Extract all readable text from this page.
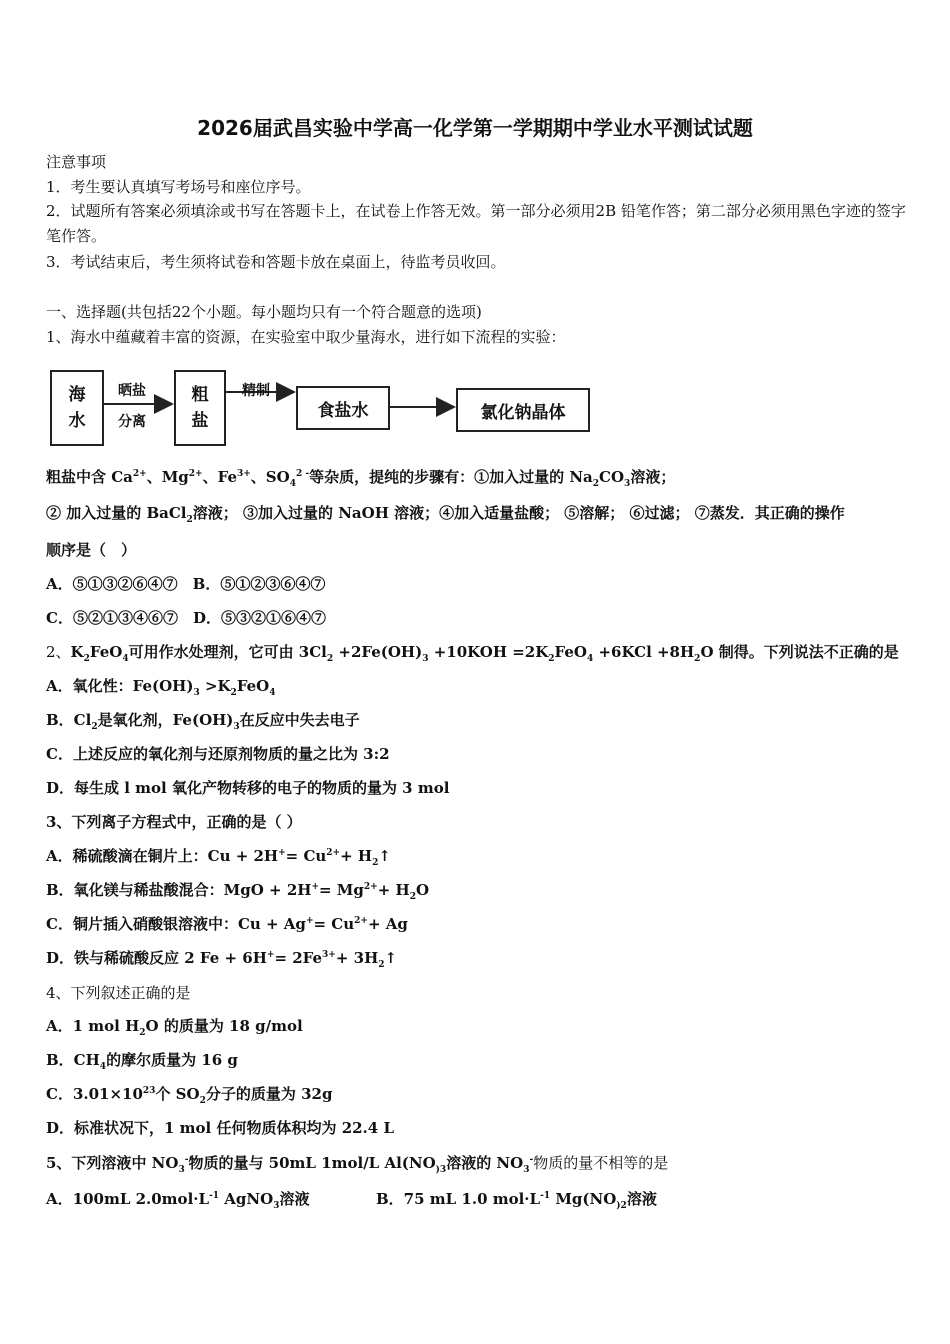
2026届武昌实验中学高一化学第一学期期中学业水平测试试题
注意事项
1．考生要认真填写考场号和座位序号。
2．试题所有答案必须填涂或书写在答题卡上，在试卷上作答无效。第一部分必须用2B 铅笔作答；第二部分必须用黑色字迹的签字笔作答。
3．考试结束后，考生须将试卷和答题卡放在桌面上，待监考员收回。
一、选择题(共包括22个小题。每小题均只有一个符合题意的选项)
1、海水中蕴藏着丰富的资源，在实验室中取少量海水，进行如下流程的实验：
海水
晒盐
分离
粗盐
精制
食盐水	氯化钠晶体
粗盐中含 $Ca^{2+}$、$Mg^{2+}$、$Fe^{3+}$、$SO_4^{2 -}$等杂质，提纯的步骤有：①加入过量的 $Na_2CO_3$溶液；
② 加入过量的 BaCl$_2$溶液； ③加入过量的 NaOH 溶液；④加入适量盐酸； ⑤溶解； ⑥过滤； ⑦蒸发．其正确的操作
顺序是（　）
A．⑤①③②⑥④⑦　 B．⑤①②③⑥④⑦
C．⑤②①③④⑥⑦　 D．⑤③②①⑥④⑦
2、$K_2FeO_4$可用作水处理剂，它可由 $3Cl_2 +2Fe(OH)_3 +10KOH =2K_2FeO_4 +6KCl +8H_2O$ 制得。下列说法不正确的是
A．氧化性：$Fe(OH)_3 >K_2FeO_4$
B．$Cl_2$是氧化剂，$Fe(OH)_3$在反应中失去电子
C．上述反应的氧化剂与还原剂物质的量之比为 3:2
D．每生成 l mol 氧化产物转移的电子的物质的量为 3 mol
3、下列离子方程式中，正确的是（ ）
A．稀硫酸滴在铜片上：$Cu + 2H^+= Cu^{2+}+$ $H_2↑$
B．氧化镁与稀盐酸混合：MgO + $2H^+= Mg^{2+}+ H_2O$
C．铜片插入硝酸银溶液中：$Cu + Ag^+= Cu^{2+}+ Ag$
D．铁与稀硫酸反应 2 $Fe + 6H^+= 2Fe^{3+}+$ $3H_2↑$
4、下列叙述正确的是
A．1 mol $H_2O$ 的质量为 18 g/mol
B．$CH_4$的摩尔质量为 16 g
C．$3.01\times 10^{23}$个 $SO_2$分子的质量为 32g
D．标准状况下，1 mol 任何物质体积均为 22.4 L
5、下列溶液中 $NO_3^-$物质的量与 50mL 1mol/L $Al(NO_{)3}$溶液的 $NO_3^-$物质的量不相等的是
A．100mL $2.0mol\cdot L^{-1}$ AgNO$_3$溶液	B．75 mL 1.0 $mol\cdot L^{-1}$ $Mg(NO_{)2}$溶液
